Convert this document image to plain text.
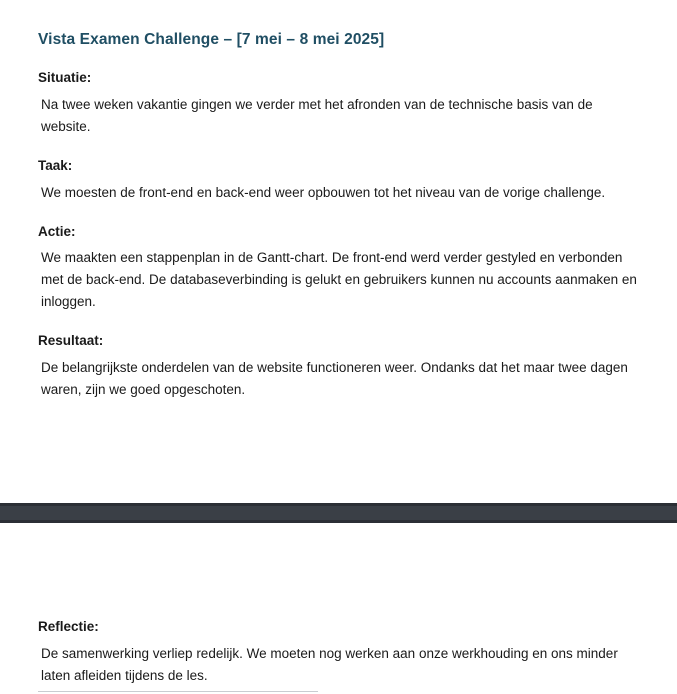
Vista Examen Challenge – [7 mei – 8 mei 2025]

Situatie:

Na twee weken vakantie gingen we verder met het afronden van de technische basis van de website.

Taak:

We moesten de front-end en back-end weer opbouwen tot het niveau van de vorige challenge.

Actie:

We maakten een stappenplan in de Gantt-chart. De front-end werd verder gestyled en verbonden met de back-end. De databaseverbinding is gelukt en gebruikers kunnen nu accounts aanmaken en inloggen.

Resultaat:

De belangrijkste onderdelen van de website functioneren weer. Ondanks dat het maar twee dagen waren, zijn we goed opgeschoten.

Reflectie:

De samenwerking verliep redelijk. We moeten nog werken aan onze werkhouding en ons minder laten afleiden tijdens de les.
